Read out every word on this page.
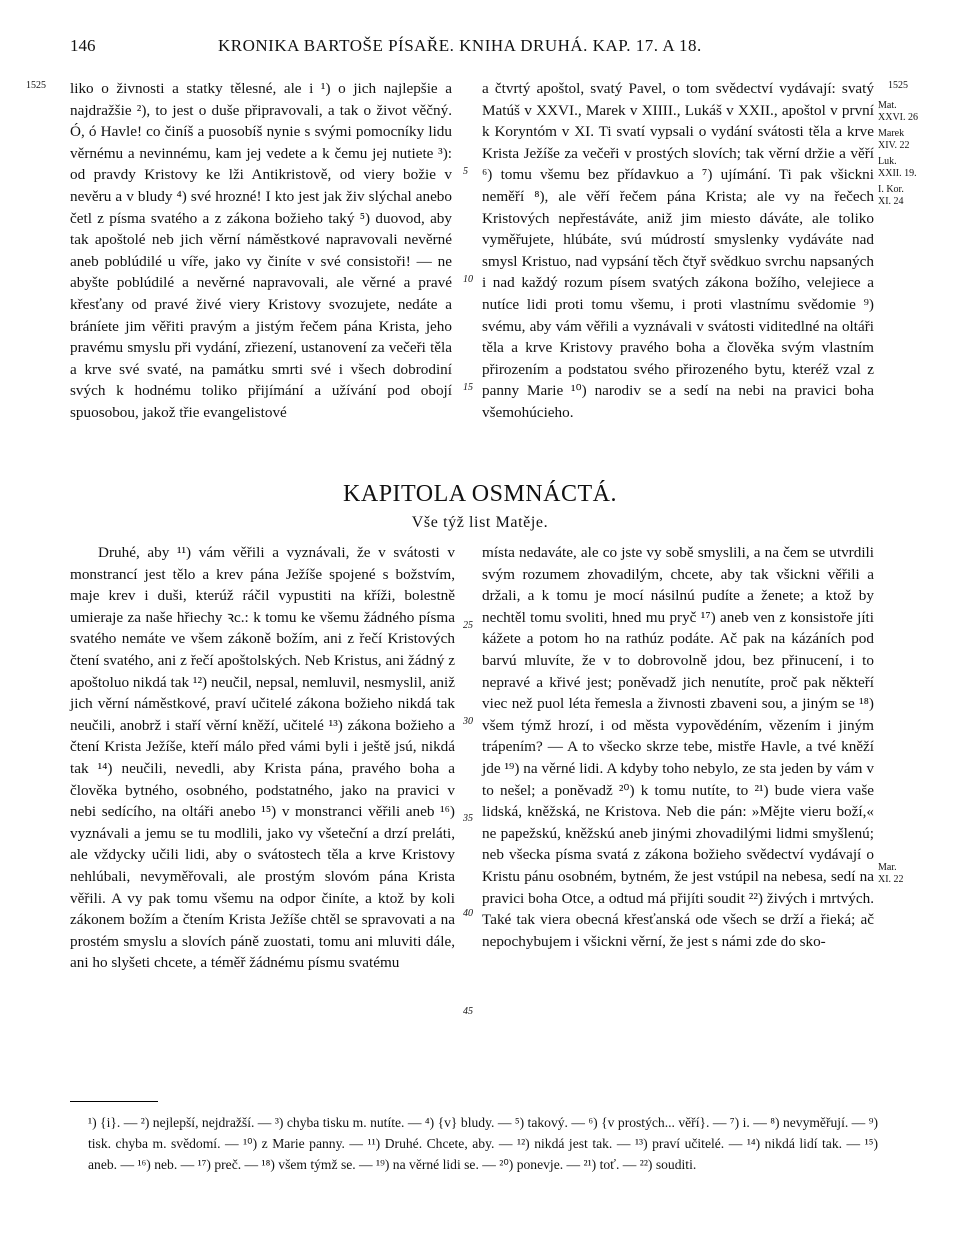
146	KRONIKA BARTOŠE PÍSAŘE. KNIHA DRUHÁ. KAP. 17. A 18.
1525	1525
Mat.
XXVI. 26
Marek
XIV. 22
Luk.
XXII. 19.
I. Kor.
XI. 24
Mar.
XI. 22
5
10
15
25
30
35
40
45

liko o živnosti a statky tělesné, ale i ¹) o jich najlepšie a najdražšie ²), to jest o duše připravovali, a tak o život věčný. Ó, ó Havle! co činíš a puosobíš nynie s svými pomocníky lidu věrnému a nevinnému, kam jej vedete a k čemu jej nutiete ³): od pravdy Kristovy ke lži Antikristově, od viery božie v nevěru a v bludy ⁴) své hrozné! I kto jest jak živ slýchal anebo četl z písma svatého a z zákona božieho taký ⁵) duovod, aby tak apoštolé neb jich věrní náměstkové napravovali nevěrné aneb poblúdilé u víře, jako vy činíte v své consistoři! — ne abyšte poblúdilé a nevěrné napravovali, ale věrné a pravé křesťany od pravé živé viery Kristovy svozujete, nedáte a bráníete jim věřiti pravým a jistým řečem pána Krista, jeho pravému smyslu při vydání, zřiezení, ustanovení za večeři těla a krve své svaté, na památku smrti své i všech dobrodiní svých k hodnému toliko přijímání a užívání pod obojí spuosobou, jakož třie evangelistové

a čtvrtý apoštol, svatý Pavel, o tom svědectví vydávají: svatý Matúš v XXVI., Marek v XIIII., Lukáš v XXII., apoštol v první k Koryntóm v XI. Ti svatí vypsali o vydání svátosti těla a krve Krista Ježíše za večeři v prostých slovích; tak věrní držie a věří ⁶) tomu všemu bez přídavkuo a ⁷) ujímání. Ti pak všickni neměří ⁸), ale věří řečem pána Krista; ale vy na řečech Kristových nepřestáváte, aniž jim miesto dáváte, ale toliko vyměřujete, hlúbáte, svú múdrostí smyslenky vydáváte nad smysl Kristuo, nad vypsání těch čtyř svědkuo svrchu napsaných i nad každý rozum písem svatých zákona božího, velejiece a nutíce lidi proti tomu všemu, i proti vlastnímu svědomie ⁹) svému, aby vám věřili a vyznávali v svátosti viditedlné na oltáři těla a krve Kristovy pravého boha a člověka svým vlastním přirozením a podstatou svého přirozeného bytu, kteréž vzal z panny Marie ¹⁰) narodiv se a sedí na nebi na pravici boha všemohúcieho.

KAPITOLA OSMNÁCTÁ.
Vše týž list Matěje.

Druhé, aby ¹¹) vám věřili a vyznávali, že v svátosti v monstrancí jest tělo a krev pána Ježíše spojené s božstvím, maje krev i duši, kterúž ráčil vypustiti na kříži, bolestně umieraje za naše hřiechy ꝛc.: k tomu ke všemu žádného písma svatého nemáte ve všem zákoně božím, ani z řečí Kristových čtení svatého, ani z řečí apoštolských. Neb Kristus, ani žádný z apoštoluo nikdá tak ¹²) neučil, nepsal, nemluvil, nesmyslil, aniž jich věrní náměstkové, praví učitelé zákona božieho nikdá tak neučili, anobrž i staří věrní kněží, učitelé ¹³) zákona božieho a čtení Krista Ježíše, kteří málo před vámi byli i ještě jsú, nikdá tak ¹⁴) neučili, nevedli, aby Krista pána, pravého boha a člověka bytného, osobného, podstatného, jako na pravici v nebi sedícího, na oltáři anebo ¹⁵) v monstranci věřili aneb ¹⁶) vyznávali a jemu se tu modlili, jako vy všeteční a drzí preláti, ale vždycky učili lidi, aby o svátostech těla a krve Kristovy nehlúbali, nevyměřovali, ale prostým slovóm pána Krista věřili. A vy pak tomu všemu na odpor činíte, a ktož by koli zákonem božím a čtením Krista Ježíše chtěl se spravovati a na prostém smyslu a slovích páně zuostati, tomu ani mluviti dále, ani ho slyšeti chcete, a téměř žádnému písmu svatému

místa nedaváte, ale co jste vy sobě smyslili, a na čem se utvrdili svým rozumem zhovadilým, chcete, aby tak všickni věřili a držali, a k tomu je mocí násilnú pudíte a ženete; a ktož by nechtěl tomu svoliti, hned mu pryč ¹⁷) aneb ven z konsistoře jíti kážete a potom ho na rathúz podáte. Ač pak na kázáních pod barvú mluvíte, že v to dobrovolně jdou, bez přinucení, i to nepravé a křivé jest; poněvadž jich nenutíte, proč pak někteří viec než puol léta řemesla a živnosti zbaveni sou, a jiným se ¹⁸) všem týmž hrozí, i od města vypovědéním, vězením i jiným trápením? — A to všecko skrze tebe, mistře Havle, a tvé kněží jde ¹⁹) na věrné lidi. A kdyby toho nebylo, ze sta jeden by vám v to nešel; a poněvadž ²⁰) k tomu nutíte, to ²¹) bude viera vaše lidská, kněžská, ne Kristova. Neb die pán: »Mějte vieru boží,« ne papežskú, kněžskú aneb jinými zhovadilými lidmi smyšlenú; neb všecka písma svatá z zákona božieho svědectví vydávají o Kristu pánu osobném, bytném, že jest vstúpil na nebesa, sedí na pravici boha Otce, a odtud má přijíti soudit ²²) živých i mrtvých. Také tak viera obecná křesťanská ode všech se drží a řieká; ač nepochybujem i všickni věrní, že jest s námi zde do sko-

¹) {i}. — ²) nejlepší, nejdražší. — ³) chyba tisku m. nutíte. — ⁴) {v} bludy. — ⁵) takový. — ⁶) {v prostých... věří}. — ⁷) i. — ⁸) nevyměřují. — ⁹) tisk. chyba m. svědomí. — ¹⁰) z Marie panny. — ¹¹) Druhé. Chcete, aby. — ¹²) nikdá jest tak. — ¹³) praví učitelé. — ¹⁴) nikdá lidí tak. — ¹⁵) aneb. — ¹⁶) neb. — ¹⁷) preč. — ¹⁸) všem týmž se. — ¹⁹) na věrné lidi se. — ²⁰) ponevje. — ²¹) toť. — ²²) souditi.
